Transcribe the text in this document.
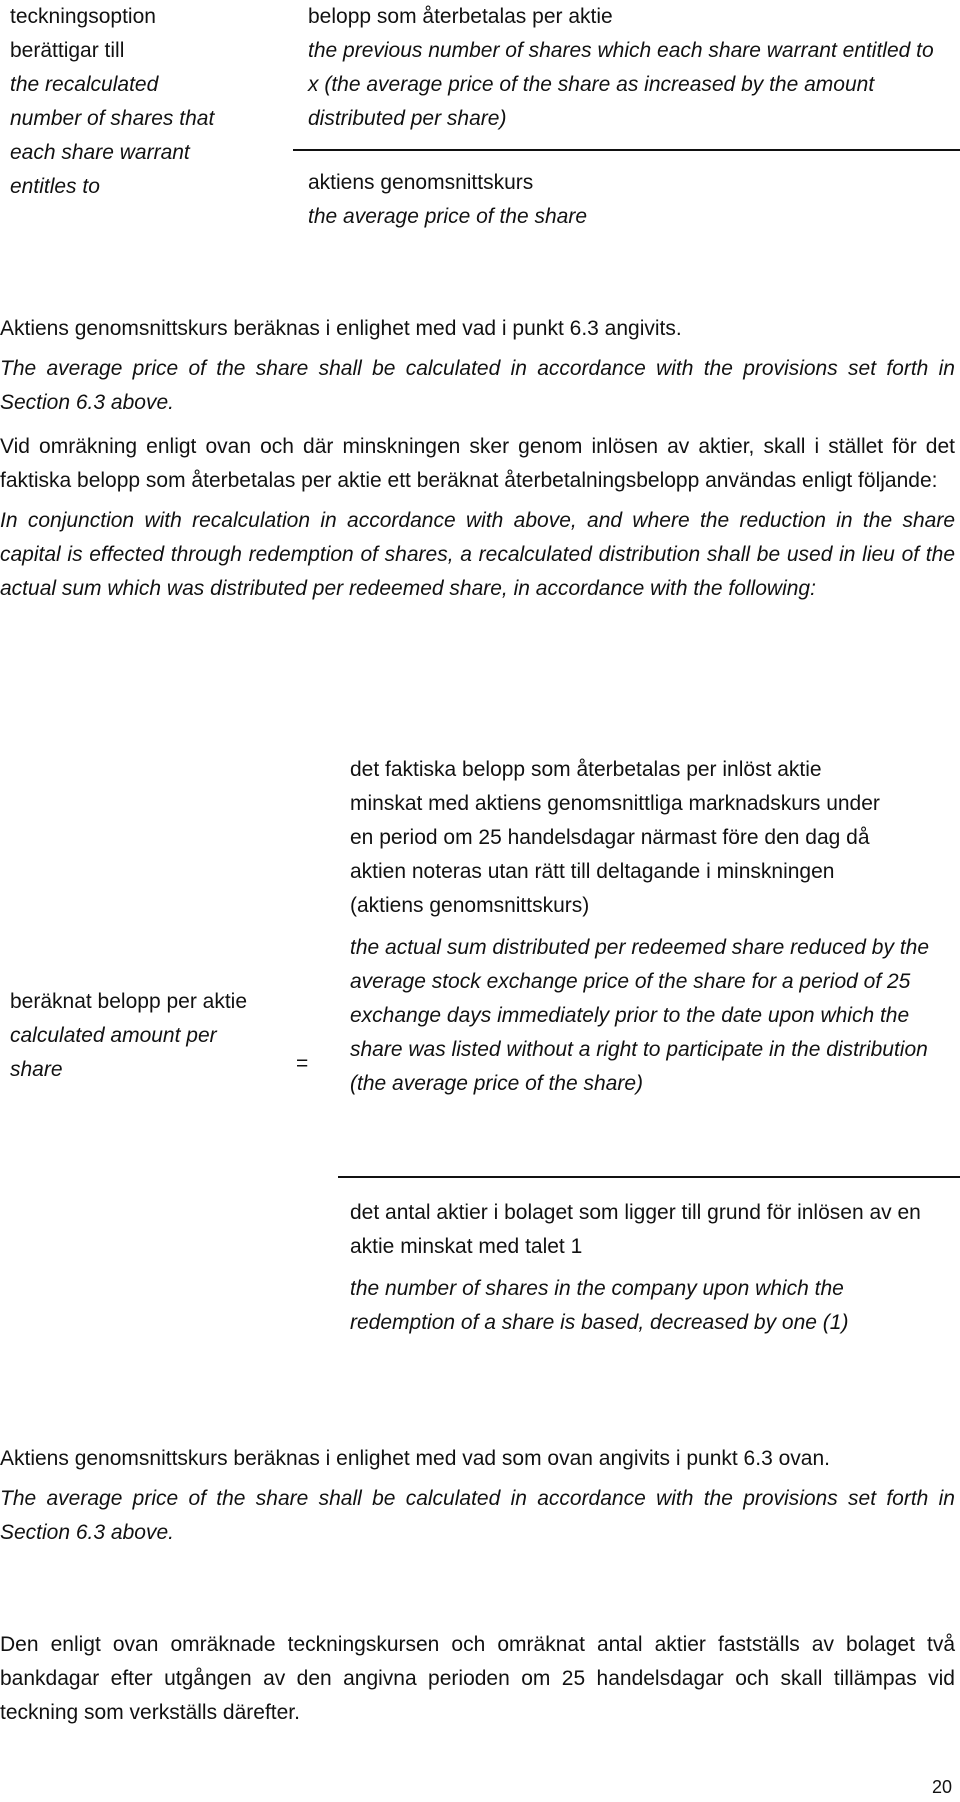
teckningsoption berättigar till

the recalculated number of shares that each share warrant entitles to

belopp som återbetalas per aktie

the previous number of shares which each share warrant entitled to x (the average price of the share as increased by the amount distributed per share)

aktiens genomsnittskurs

the average price of the share

Aktiens genomsnittskurs beräknas i enlighet med vad i punkt 6.3 angivits.

The average price of the share shall be calculated in accordance with the provisions set forth in Section 6.3 above.

Vid omräkning enligt ovan och där minskningen sker genom inlösen av aktier, skall i stället för det faktiska belopp som återbetalas per aktie ett beräknat återbetalningsbelopp användas enligt följande:

In conjunction with recalculation in accordance with above, and where the reduction in the share capital is effected through redemption of shares, a recalculated distribution shall be used in lieu of the actual sum which was distributed per redeemed share, in accordance with the following:

beräknat belopp per aktie

calculated amount per share	=

det faktiska belopp som återbetalas per inlöst aktie minskat med aktiens genomsnittliga marknadskurs under en period om 25 handelsdagar närmast före den dag då aktien noteras utan rätt till deltagande i minskningen (aktiens genomsnittskurs)

the actual sum distributed per redeemed share reduced by the average stock exchange price of the share for a period of 25 exchange days immediately prior to the date upon which the share was listed without a right to participate in the distribution (the average price of the share)

det antal aktier i bolaget som ligger till grund för inlösen av en aktie minskat med talet 1

the number of shares in the company upon which the redemption of a share is based, decreased by one (1)

Aktiens genomsnittskurs beräknas i enlighet med vad som ovan angivits i punkt 6.3 ovan.

The average price of the share shall be calculated in accordance with the provisions set forth in Section 6.3 above.

Den enligt ovan omräknade teckningskursen och omräknat antal aktier fastställs av bolaget två bankdagar efter utgången av den angivna perioden om 25 handelsdagar och skall tillämpas vid teckning som verkställs därefter.

20
